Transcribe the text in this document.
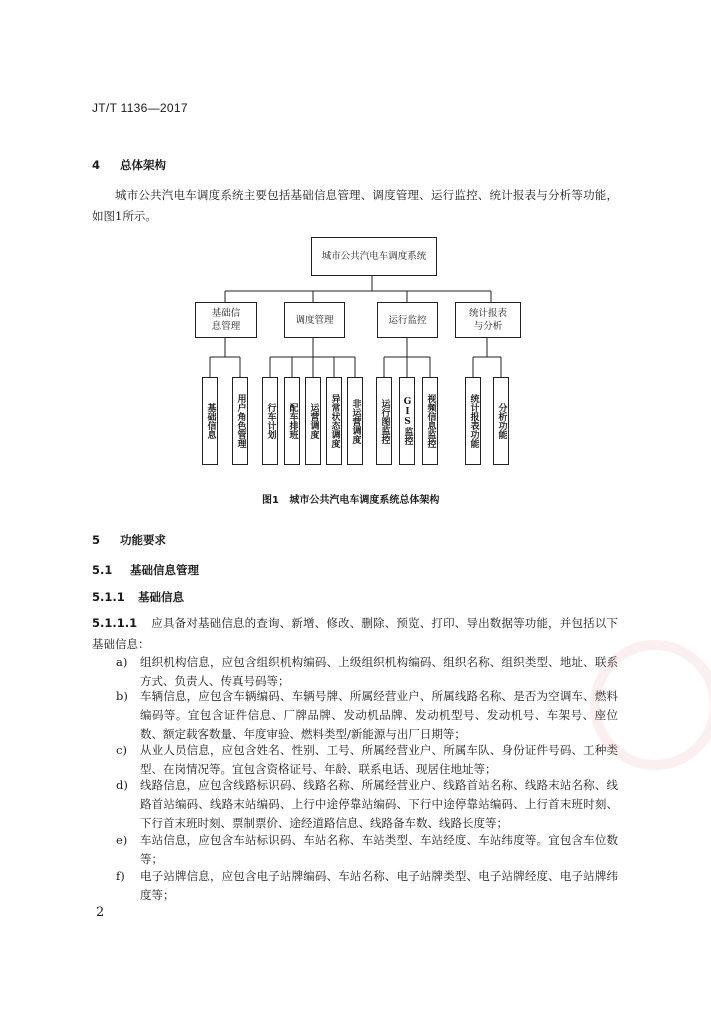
JT/T 1136—2017
4 总体架构
城市公共汽电车调度系统主要包括基础信息管理、调度管理、运行监控、统计报表与分析等功能，如图1所示。
城市公共汽电车调度系统
基础信息管理
调度管理	运行监控
统计报表与分析
基础信息	用户角色管理	行车计划	配车排班	运营调度	异常状态调度	非运营调度	运行图监控	GIS监控	视频信息监控	统计报表功能	分析功能
图1 城市公共汽电车调度系统总体架构
5 功能要求
5.1 基础信息管理
5.1.1 基础信息
5.1.1.1 应具备对基础信息的查询、新增、修改、删除、预览、打印、导出数据等功能，并包括以下基础信息：
a) 组织机构信息，应包含组织机构编码、上级组织机构编码、组织名称、组织类型、地址、联系方式、负责人、传真号码等；
b) 车辆信息，应包含车辆编码、车辆号牌、所属经营业户、所属线路名称、是否为空调车、燃料编码等。宜包含证件信息、厂牌品牌、发动机品牌、发动机型号、发动机号、车架号、座位数、额定载客数量、年度审验、燃料类型/新能源与出厂日期等；
c) 从业人员信息，应包含姓名、性别、工号、所属经营业户、所属车队、身份证件号码、工种类型、在岗情况等。宜包含资格证号、年龄、联系电话、现居住地址等；
d) 线路信息，应包含线路标识码、线路名称、所属经营业户、线路首站名称、线路末站名称、线路首站编码、线路末站编码、上行中途停靠站编码、下行中途停靠站编码、上行首末班时刻、下行首末班时刻、票制票价、途经道路信息、线路备车数、线路长度等；
e) 车站信息，应包含车站标识码、车站名称、车站类型、车站经度、车站纬度等。宜包含车位数等；
f) 电子站牌信息，应包含电子站牌编码、车站名称、电子站牌类型、电子站牌经度、电子站牌纬度等；
2
